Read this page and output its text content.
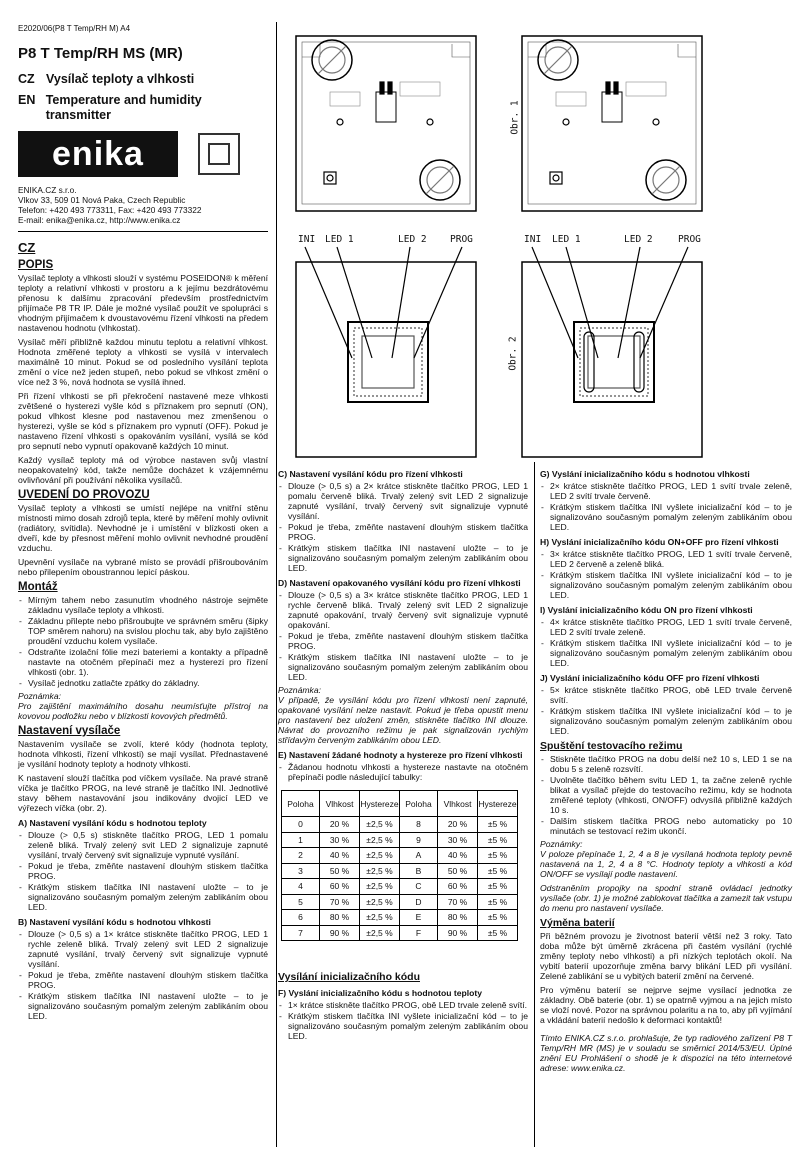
E2020/06(P8 T Temp/RH M) A4
P8 T Temp/RH MS (MR)
CZ Vysílač teploty a vlhkosti
EN Temperature and humidity transmitter
enika
ENIKA.CZ s.r.o.
Vlkov 33, 509 01 Nová Paka, Czech Republic
Telefon: +420 493 773311, Fax: +420 493 773322
E-mail: enika@enika.cz, http://www.enika.cz
CZ
POPIS

Vysílač teploty a vlhkosti slouží v systému POSEIDON® k měření teploty a relativní vlhkosti v prostoru a k jejímu bezdrátovému přenosu k dalšímu zpracování především prostřednictvím přijímače P8 TR IP. Dále je možné vysílač použít ve spolupráci s vhodným přijímačem k dvoustavovému řízení vlhkosti na předem nastavenou hodnotu (vlhkostat).

Vysílač měří přibližně každou minutu teplotu a relativní vlhkost. Hodnota změřené teploty a vlhkosti se vysílá v intervalech maximálně 10 minut. Pokud se od posledního vysílání teplota změní o více než jeden stupeň, nebo pokud se vlhkost změní o více než 3 %, nová hodnota se vysílá ihned.

Při řízení vlhkosti se při překročení nastavené meze vlhkosti zvětšené o hysterezi vyšle kód s příznakem pro sepnutí (ON), pokud vlhkost klesne pod nastavenou mez zmenšenou o hysterezi, vyšle se kód s příznakem pro vypnutí (OFF). Pokud je nastaveno řízení vlhkosti s opakováním vysílání, vysílá se kód pro sepnutí nebo vypnutí opakovaně každých 10 minut.

Každý vysílač teploty má od výrobce nastaven svůj vlastní neopakovatelný kód, takže nemůže docházet k vzájemnému ovlivňování při používání několika vysílačů.

UVEDENÍ DO PROVOZU

Vysílač teploty a vlhkosti se umístí nejlépe na vnitřní stěnu místnosti mimo dosah zdrojů tepla, které by měření mohly ovlivnit (radiátory, svítidla). Nevhodné je i umístění v blízkosti oken a dveří, kde by přesnost měření mohlo ovlivnit nevhodné proudění vzduchu.

Upevnění vysílače na vybrané místo se provádí přišroubováním nebo přilepením oboustrannou lepicí páskou.

Montáž
- Mírným tahem nebo zasunutím vhodného nástroje sejměte základnu vysílače teploty a vlhkosti.
- Základnu přilepte nebo přišroubujte ve správném směru (šipky TOP směrem nahoru) na svislou plochu tak, aby bylo zajištěno proudění vzduchu kolem vysílače.
- Odstraňte izolační fólie mezi bateriemi a kontakty a případně nastavte na otočném přepínači mez a hysterezi pro řízení vlhkosti (obr. 1).
- Vysílač jednotku zatlačte zpátky do základny.
Poznámka:

Pro zajištění maximálního dosahu neumísťujte přístroj na kovovou podložku nebo v blízkosti kovových předmětů.

Nastavení vysílače

Nastavením vysílače se zvolí, které kódy (hodnota teploty, hodnota vlhkosti, řízení vlhkosti) se mají vysílat. Přednastavené je vysílání hodnoty teploty a hodnoty vlhkosti.

K nastavení slouží tlačítka pod víčkem vysílače. Na pravé straně víčka je tlačítko PROG, na levé straně je tlačítko INI. Jednotlivé stavy během nastavování jsou indikovány dvojicí LED ve výřezech víčka (obr. 2).

A) Nastavení vysílání kódu s hodnotou teploty
- Dlouze (> 0,5 s) stiskněte tlačítko PROG, LED 1 pomalu zeleně bliká. Trvalý zelený svit LED 2 signalizuje zapnuté vysílání, trvalý červený svit signalizuje vypnuté vysílání.
- Pokud je třeba, změňte nastavení dlouhým stiskem tlačítka PROG.
- Krátkým stiskem tlačítka INI nastavení uložte – to je signalizováno současným pomalým zeleným zablikáním obou LED.
B) Nastavení vysílání kódu s hodnotou vlhkosti
- Dlouze (> 0,5 s) a 1× krátce stiskněte tlačítko PROG, LED 1 rychle zeleně bliká. Trvalý zelený svit LED 2 signalizuje zapnuté vysílání, trvalý červený svit signalizuje vypnuté vysílání.
- Pokud je třeba, změňte nastavení dlouhým stiskem tlačítka PROG.
- Krátkým stiskem tlačítka INI nastavení uložte – to je signalizováno současným pomalým zeleným zablikáním obou LED.
Obr. 1
Obr. 2
INI LED 1	LED 2 PROG	INI LED 1	LED 2	PROG
C) Nastavení vysílání kódu pro řízení vlhkosti
- Dlouze (> 0,5 s) a 2× krátce stiskněte tlačítko PROG, LED 1 pomalu červeně bliká. Trvalý zelený svit LED 2 signalizuje zapnuté vysílání, trvalý červený svit signalizuje vypnuté vysílání.
- Pokud je třeba, změňte nastavení dlouhým stiskem tlačítka PROG.
- Krátkým stiskem tlačítka INI nastavení uložte – to je signalizováno současným pomalým zeleným zablikáním obou LED.
D) Nastavení opakovaného vysílání kódu pro řízení vlhkosti
- Dlouze (> 0,5 s) a 3× krátce stiskněte tlačítko PROG, LED 1 rychle červeně bliká. Trvalý zelený svit LED 2 signalizuje zapnuté opakování, trvalý červený svit signalizuje vypnuté opakování.
- Pokud je třeba, změňte nastavení dlouhým stiskem tlačítka PROG.
- Krátkým stiskem tlačítka INI nastavení uložte – to je signalizováno současným pomalým zeleným zablikáním obou LED.
Poznámka:

V případě, že vysílání kódu pro řízení vlhkosti není zapnuté, opakované vysílání nelze nastavit. Pokud je třeba opustit menu pro nastavení bez uložení změn, stiskněte tlačítko INI dlouze. Návrat do provozního režimu je pak signalizován rychlým střídavým červeným zablikáním obou LED.

E) Nastavení žádané hodnoty a hystereze pro řízení vlhkosti
- Žádanou hodnotu vlhkosti a hystereze nastavte na otočném přepínači podle následující tabulky:
Poloha	Vlhkost	Hystereze	Poloha	Vlhkost	Hystereze
0	20 %	±2,5 %	8	20 %	±5 %
1	30 %	±2,5 %	9	30 %	±5 %
2	40 %	±2,5 %	A	40 %	±5 %
3	50 %	±2,5 %	B	50 %	±5 %
4	60 %	±2,5 %	C	60 %	±5 %
5	70 %	±2,5 %	D	70 %	±5 %
6	80 %	±2,5 %	E	80 %	±5 %
7	90 %	±2,5 %	F	90 %	±5 %
Vysílání inicializačního kódu
F) Vyslání inicializačního kódu s hodnotou teploty
- 1× krátce stiskněte tlačítko PROG, obě LED trvale zeleně svítí.
- Krátkým stiskem tlačítka INI vyšlete inicializační kód – to je signalizováno současným pomalým zeleným zablikáním obou LED.
G) Vyslání inicializačního kódu s hodnotou vlhkosti
- 2× krátce stiskněte tlačítko PROG, LED 1 svítí trvale zeleně, LED 2 svítí trvale červeně.
- Krátkým stiskem tlačítka INI vyšlete inicializační kód – to je signalizováno současným pomalým zeleným zablikáním obou LED.
H) Vyslání inicializačního kódu ON+OFF pro řízení vlhkosti
- 3× krátce stiskněte tlačítko PROG, LED 1 svítí trvale červeně, LED 2 červeně a zeleně bliká.
- Krátkým stiskem tlačítka INI vyšlete inicializační kód – to je signalizováno současným pomalým zeleným zablikáním obou LED.
I) Vyslání inicializačního kódu ON pro řízení vlhkosti
- 4× krátce stiskněte tlačítko PROG, LED 1 svítí trvale červeně, LED 2 svítí trvale zeleně.
- Krátkým stiskem tlačítka INI vyšlete inicializační kód – to je signalizováno současným pomalým zeleným zablikáním obou LED.
J) Vyslání inicializačního kódu OFF pro řízení vlhkosti
- 5× krátce stiskněte tlačítko PROG, obě LED trvale červeně svítí.
- Krátkým stiskem tlačítka INI vyšlete inicializační kód – to je signalizováno současným pomalým zeleným zablikáním obou LED.
Spuštění testovacího režimu
- Stiskněte tlačítko PROG na dobu delší než 10 s, LED 1 se na dobu 5 s zeleně rozsvítí.
- Uvolněte tlačítko během svitu LED 1, ta začne zeleně rychle blikat a vysílač přejde do testovacího režimu, kdy se hodnota změřené teploty (vlhkosti, ON/OFF) odvysílá přibližně každých 10 s.
- Dalším stiskem tlačítka PROG nebo automaticky po 10 minutách se testovací režim ukončí.
Poznámky:

V poloze přepínače 1, 2, 4 a 8 je vysílaná hodnota teploty pevně nastavená na 1, 2, 4 a 8 °C. Hodnoty teploty a vlhkosti a kód ON/OFF se vysílají podle nastavení.

Odstraněním propojky na spodní straně ovládací jednotky vysílače (obr. 1) je možné zablokovat tlačítka a zamezit tak vstupu do menu pro nastavení vysílače.

Výměna baterií

Při běžném provozu je životnost baterií větší než 3 roky. Tato doba může být úměrně zkrácena při častém vysílání (rychlé změny teploty nebo vlhkosti) a při nízkých teplotách okolí. Na vybití baterií upozorňuje změna barvy blikání LED při vysílání. Zelené zablikání se u vybitých baterií změní na červené.

Pro výměnu baterií se nejprve sejme vysílací jednotka ze základny. Obě baterie (obr. 1) se opatrně vyjmou a na jejich místo se vloží nové. Pozor na správnou polaritu a na to, aby při vyjímání a vkládání baterií nedošlo k deformaci kontaktů!

Tímto ENIKA.CZ s.r.o. prohlašuje, že typ radiového zařízení P8 T Temp/RH MR (MS) je v souladu se směrnicí 2014/53/EU. Úplné znění EU Prohlášení o shodě je k dispozici na této internetové adrese: www.enika.cz.
